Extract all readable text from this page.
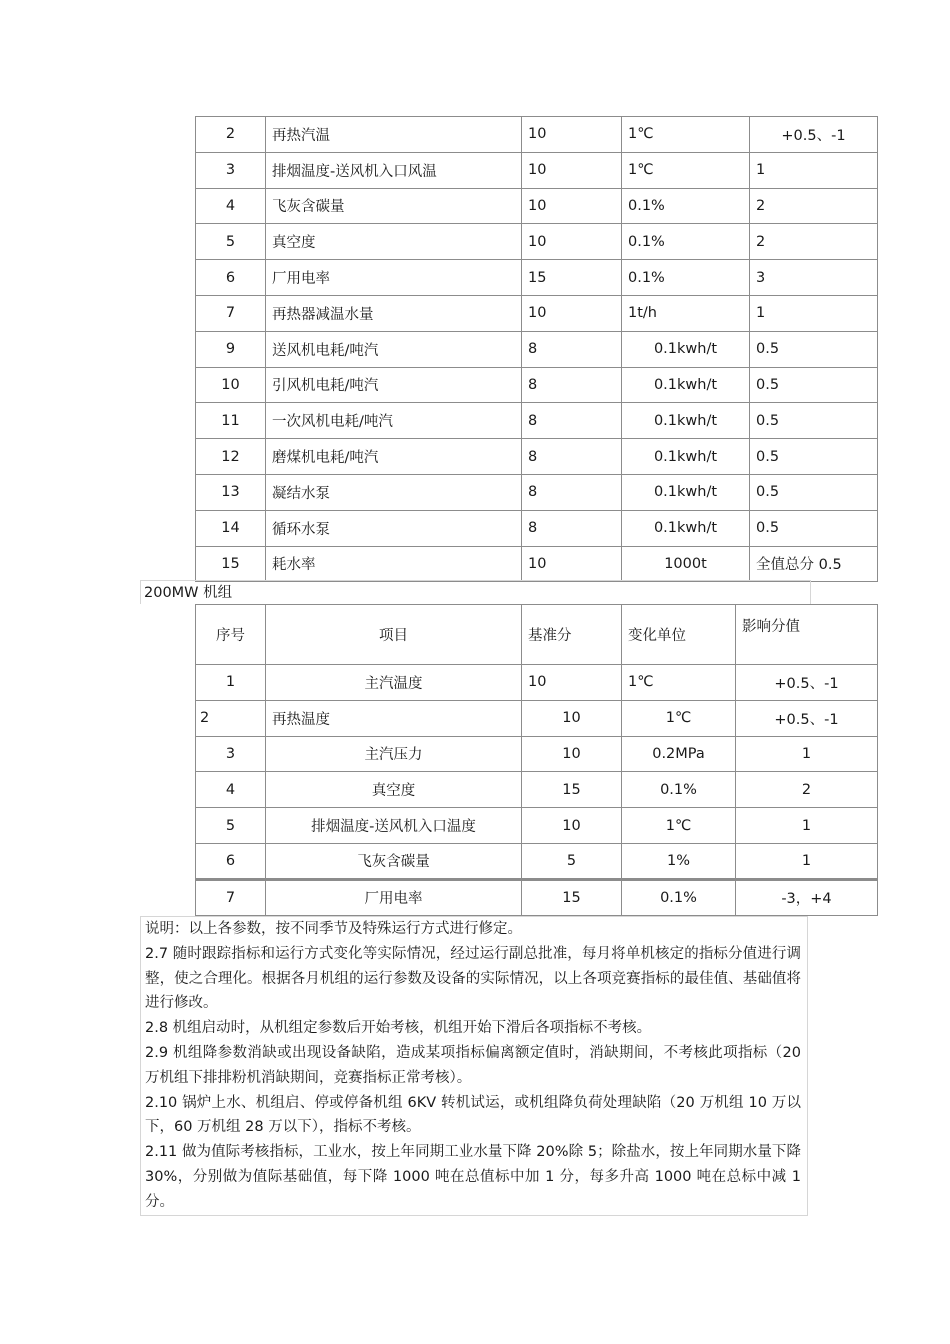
2	再热汽温	10	1℃	+0.5、-1
3	排烟温度-送风机入口风温	10	1℃	1
4	飞灰含碳量	10	0.1%	2
5	真空度	10	0.1%	2
6	厂用电率	15	0.1%	3
7	再热器减温水量	10	1t/h	1
9	送风机电耗/吨汽	8	0.1kwh/t	0.5
10	引风机电耗/吨汽	8	0.1kwh/t	0.5
11	一次风机电耗/吨汽	8	0.1kwh/t	0.5
12	磨煤机电耗/吨汽	8	0.1kwh/t	0.5
13	凝结水泵	8	0.1kwh/t	0.5
14	循环水泵	8	0.1kwh/t	0.5
15	耗水率	10	1000t	全值总分 0.5
200MW 机组
序号	项目	基准分	变化单位	影响分值
1	主汽温度	10	1℃	+0.5、-1
2	再热温度	10	1℃	+0.5、-1
3	主汽压力	10	0.2MPa	1
4	真空度	15	0.1%	2
5	排烟温度-送风机入口温度	10	1℃	1
6	飞灰含碳量	5	1%	1
7	厂用电率	15	0.1%	-3，+4

说明：以上各参数，按不同季节及特殊运行方式进行修定。

2.7 随时跟踪指标和运行方式变化等实际情况，经过运行副总批准，每月将单机核定的指标分值进行调整，使之合理化。根据各月机组的运行参数及设备的实际情况，以上各项竞赛指标的最佳值、基础值将进行修改。

2.8 机组启动时，从机组定参数后开始考核，机组开始下滑后各项指标不考核。

2.9 机组降参数消缺或出现设备缺陷，造成某项指标偏离额定值时，消缺期间，不考核此项指标（20 万机组下排排粉机消缺期间，竞赛指标正常考核）。

2.10 锅炉上水、机组启、停或停备机组 6KV 转机试运，或机组降负荷处理缺陷（20 万机组 10 万以下，60 万机组 28 万以下），指标不考核。

2.11 做为值际考核指标，工业水，按上年同期工业水量下降 20%除 5；除盐水，按上年同期水量下降 30%，分别做为值际基础值，每下降 1000 吨在总值标中加 1 分，每多升高 1000 吨在总标中减 1 分。
